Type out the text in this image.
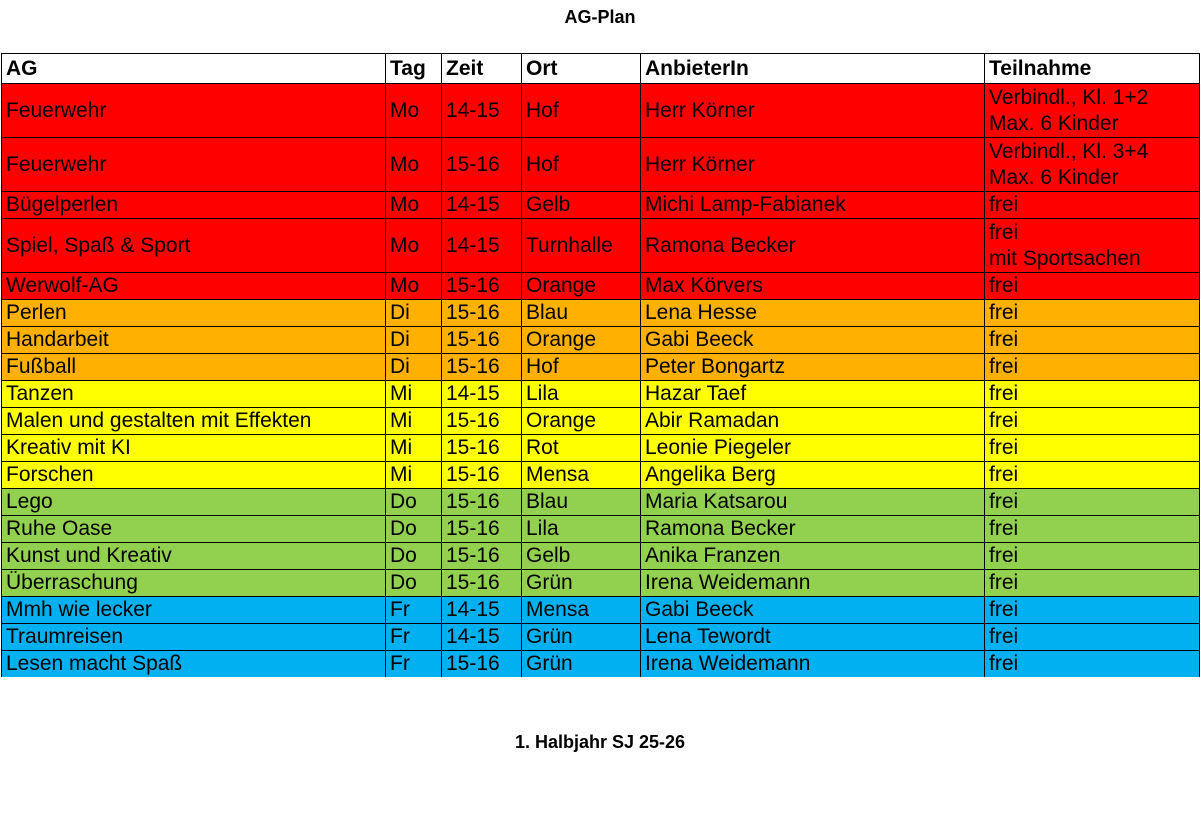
AG-Plan
AG	Tag	Zeit	Ort	AnbieterIn	Teilnahme
Feuerwehr	Mo	14-15	Hof	Herr Körner	Verbindl., Kl. 1+2
Max. 6 Kinder

Feuerwehr	Mo	15-16	Hof	Herr Körner	Verbindl., Kl. 3+4
Max. 6 Kinder

Bügelperlen	Mo	14-15	Gelb	Michi Lamp-Fabianek	frei

Spiel, Spaß & Sport	Mo	14-15	Turnhalle	Ramona Becker	frei
mit Sportsachen

Werwolf-AG	Mo	15-16	Orange	Max Körvers	frei

Perlen	Di	15-16	Blau	Lena Hesse	frei

Handarbeit	Di	15-16	Orange	Gabi Beeck	frei

Fußball	Di	15-16	Hof	Peter Bongartz	frei

Tanzen	Mi	14-15	Lila	Hazar Taef	frei

Malen und gestalten mit Effekten	Mi	15-16	Orange	Abir Ramadan	frei

Kreativ mit KI	Mi	15-16	Rot	Leonie Piegeler	frei

Forschen	Mi	15-16	Mensa	Angelika Berg	frei

Lego	Do	15-16	Blau	Maria Katsarou	frei

Ruhe Oase	Do	15-16	Lila	Ramona Becker	frei

Kunst und Kreativ	Do	15-16	Gelb	Anika Franzen	frei

Überraschung	Do	15-16	Grün	Irena Weidemann	frei

Mmh wie lecker	Fr	14-15	Mensa	Gabi Beeck	frei

Traumreisen	Fr	14-15	Grün	Lena Tewordt	frei

Lesen macht Spaß	Fr	15-16	Grün	Irena Weidemann	frei
1. Halbjahr SJ 25-26
